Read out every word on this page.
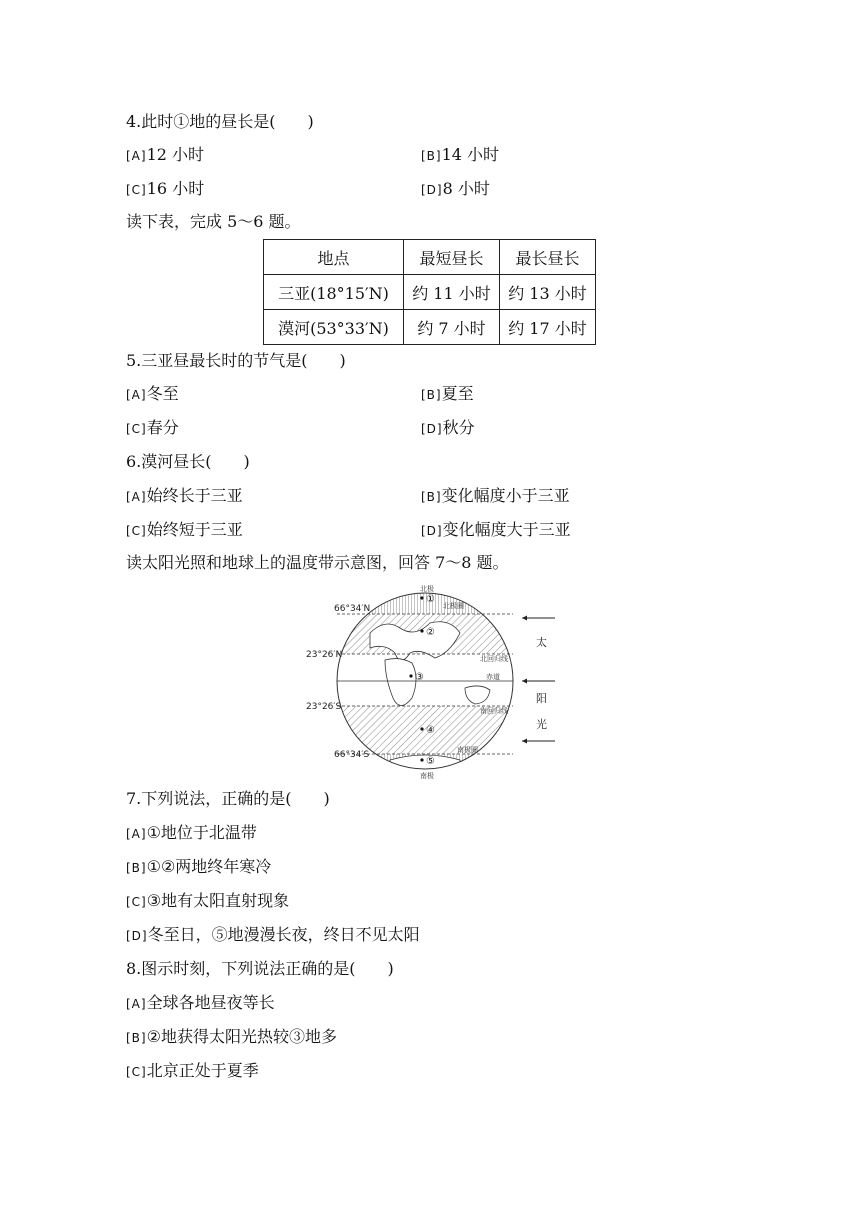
4.此时①地的昼长是(　　)
[A]12 小时	[B]14 小时
[C]16 小时	[D]8 小时
读下表，完成 5～6 题。
地点	最短昼长	最长昼长
三亚(18°15′N)	约 11 小时	约 13 小时
漠河(53°33′N)	约 7 小时	约 17 小时
5.三亚昼最长时的节气是(　　)
[A]冬至	[B]夏至
[C]春分	[D]秋分
6.漠河昼长(　　)
[A]始终长于三亚	[B]变化幅度小于三亚
[C]始终短于三亚	[D]变化幅度大于三亚
读太阳光照和地球上的温度带示意图，回答 7～8 题。
北极
南极
北极圈
北回归线
赤道
南回归线
南极圈
66°34′N
23°26′N
23°26′S
66°34′S
①
②
③
④
⑤
太
阳
光
7.下列说法，正确的是(　　)
[A]①地位于北温带
[B]①②两地终年寒冷
[C]③地有太阳直射现象
[D]冬至日，⑤地漫漫长夜，终日不见太阳
8.图示时刻，下列说法正确的是(　　)
[A]全球各地昼夜等长
[B]②地获得太阳光热较③地多
[C]北京正处于夏季
